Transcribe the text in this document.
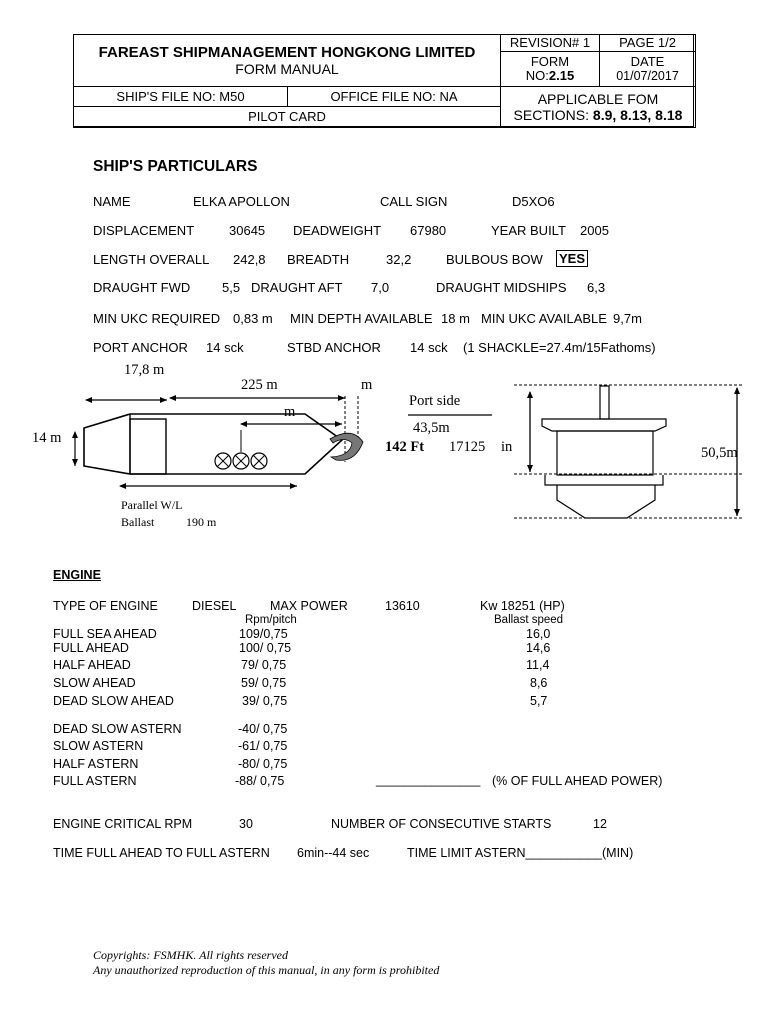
FAREAST SHIPMANAGEMENT HONGKONG LIMITED
FORM MANUAL
REVISION# 1 PAGE 1/2
FORM
NO:2.15
DATE
01/07/2017
SHIP'S FILE NO: M50	OFFICE FILE NO: NA
PILOT CARD
APPLICABLE FOM
SECTIONS: 8.9, 8.13, 8.18
SHIP'S PARTICULARS
NAME	ELKA APOLLON	CALL SIGN	D5XO6
DISPLACEMENT	30645 DEADWEIGHT 67980	YEAR BUILT 2005
LENGTH OVERALL 242,8 BREADTH	32,2	BULBOUS BOW YES
DRAUGHT FWD 5,5 DRAUGHT AFT 7,0	DRAUGHT MIDSHIPS 6,3
MIN UKC REQUIRED 0,83 m MIN DEPTH AVAILABLE 18 m MIN UKC AVAILABLE 9,7m
PORT ANCHOR 14 sck	STBD ANCHOR 14 sck (1 SHACKLE=27.4m/15Fathoms)
17,8 m
225 m	m
m
14 m
Parallel W/L
Ballast	190 m
Port side
43,5m
142 Ft 17125 in	50,5m
ENGINE
TYPE OF ENGINE	DIESEL	MAX POWER	13610	Kw 18251 (HP)
Rpm/pitch	Ballast speed
FULL SEA AHEAD	109/0,75	16,0
FULL AHEAD	100/ 0,75	14,6
HALF AHEAD	79/ 0,75	11,4
SLOW AHEAD	59/ 0,75	8,6
DEAD SLOW AHEAD	39/ 0,75	5,7
DEAD SLOW ASTERN	-40/ 0,75
SLOW ASTERN	-61/ 0,75
HALF ASTERN	-80/ 0,75
FULL ASTERN	-88/ 0,75	_______________ (% OF FULL AHEAD POWER)
ENGINE CRITICAL RPM	30	NUMBER OF CONSECUTIVE STARTS	12
TIME FULL AHEAD TO FULL ASTERN 6min--44 sec	TIME LIMIT ASTERN___________(MIN)
Copyrights: FSMHK. All rights reserved
Any unauthorized reproduction of this manual, in any form is prohibited
